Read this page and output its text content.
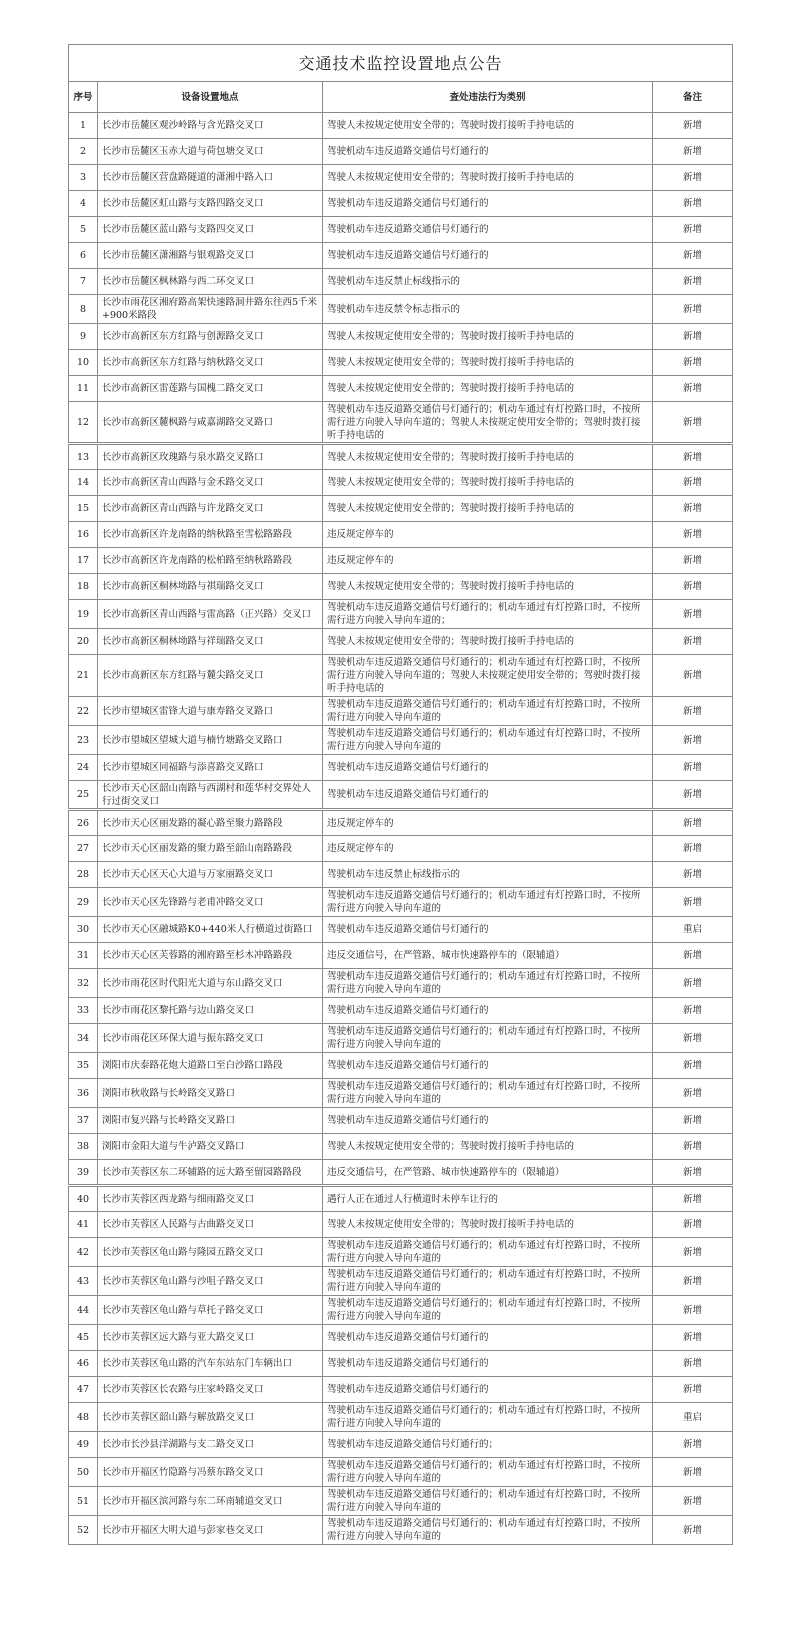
交通技术监控设置地点公告			
序号	设备设置地点	查处违法行为类别	备注
1	长沙市岳麓区观沙岭路与含光路交叉口	驾驶人未按规定使用安全带的；驾驶时拨打接听手持电话的	新增
2	长沙市岳麓区玉赤大道与荷包塘交叉口	驾驶机动车违反道路交通信号灯通行的	新增
3	长沙市岳麓区营盘路隧道的潇湘中路入口	驾驶人未按规定使用安全带的；驾驶时拨打接听手持电话的	新增
4	长沙市岳麓区虹山路与支路四路交叉口	驾驶机动车违反道路交通信号灯通行的	新增
5	长沙市岳麓区蓝山路与支路四交叉口	驾驶机动车违反道路交通信号灯通行的	新增
6	长沙市岳麓区潇湘路与银观路交叉口	驾驶机动车违反道路交通信号灯通行的	新增
7	长沙市岳麓区枫林路与西二环交叉口	驾驶机动车违反禁止标线指示的	新增
8	长沙市雨花区湘府路高架快速路洞井路东往西5千米+900米路段	驾驶机动车违反禁令标志指示的	新增
9	长沙市高新区东方红路与创源路交叉口	驾驶人未按规定使用安全带的；驾驶时拨打接听手持电话的	新增
10	长沙市高新区东方红路与纳秋路交叉口	驾驶人未按规定使用安全带的；驾驶时拨打接听手持电话的	新增
11	长沙市高新区雷莲路与国槐二路交叉口	驾驶人未按规定使用安全带的；驾驶时拨打接听手持电话的	新增
12	长沙市高新区麓枫路与咸嘉湖路交叉路口	驾驶机动车违反道路交通信号灯通行的；机动车通过有灯控路口时，不按所需行进方向驶入导向车道的；驾驶人未按规定使用安全带的；驾驶时拨打接听手持电话的	新增
13	长沙市高新区玫瑰路与泉水路交叉路口	驾驶人未按规定使用安全带的；驾驶时拨打接听手持电话的	新增
14	长沙市高新区青山西路与金禾路交叉口	驾驶人未按规定使用安全带的；驾驶时拨打接听手持电话的	新增
15	长沙市高新区青山西路与许龙路交叉口	驾驶人未按规定使用安全带的；驾驶时拨打接听手持电话的	新增
16	长沙市高新区许龙南路的纳秋路至雪松路路段	违反规定停车的	新增
17	长沙市高新区许龙南路的松柏路至纳秋路路段	违反规定停车的	新增
18	长沙市高新区桐林坳路与祺瑞路交叉口	驾驶人未按规定使用安全带的；驾驶时拨打接听手持电话的	新增
19	长沙市高新区青山西路与雷高路（正兴路）交叉口	驾驶机动车违反道路交通信号灯通行的；机动车通过有灯控路口时，不按所需行进方向驶入导向车道的；	新增
20	长沙市高新区桐林坳路与祥瑞路交叉口	驾驶人未按规定使用安全带的；驾驶时拨打接听手持电话的	新增
21	长沙市高新区东方红路与麓尖路交叉口	驾驶机动车违反道路交通信号灯通行的；机动车通过有灯控路口时，不按所需行进方向驶入导向车道的；驾驶人未按规定使用安全带的；驾驶时拨打接听手持电话的	新增
22	长沙市望城区雷锋大道与康寿路交叉路口	驾驶机动车违反道路交通信号灯通行的；机动车通过有灯控路口时，不按所需行进方向驶入导向车道的	新增
23	长沙市望城区望城大道与楠竹塘路交叉路口	驾驶机动车违反道路交通信号灯通行的；机动车通过有灯控路口时，不按所需行进方向驶入导向车道的	新增
24	长沙市望城区同福路与添喜路交叉路口	驾驶机动车违反道路交通信号灯通行的	新增
25	长沙市天心区韶山南路与西湖村和莲华村交界处人行过街交叉口	驾驶机动车违反道路交通信号灯通行的	新增
26	长沙市天心区丽发路的凝心路至聚力路路段	违反规定停车的	新增
27	长沙市天心区丽发路的聚力路至韶山南路路段	违反规定停车的	新增
28	长沙市天心区天心大道与万家丽路交叉口	驾驶机动车违反禁止标线指示的	新增
29	长沙市天心区先锋路与老甫冲路交叉口	驾驶机动车违反道路交通信号灯通行的；机动车通过有灯控路口时，不按所需行进方向驶入导向车道的	新增
30	长沙市天心区融城路K0+440米人行横道过街路口	驾驶机动车违反道路交通信号灯通行的	重启
31	长沙市天心区芙蓉路的湘府路至杉木冲路路段	违反交通信号，在严管路、城市快速路停车的（限辅道）	新增
32	长沙市雨花区时代阳光大道与东山路交叉口	驾驶机动车违反道路交通信号灯通行的；机动车通过有灯控路口时，不按所需行进方向驶入导向车道的	新增
33	长沙市雨花区黎托路与边山路交叉口	驾驶机动车违反道路交通信号灯通行的	新增
34	长沙市雨花区环保大道与振东路交叉口	驾驶机动车违反道路交通信号灯通行的；机动车通过有灯控路口时，不按所需行进方向驶入导向车道的	新增
35	浏阳市庆泰路花炮大道路口至白沙路口路段	驾驶机动车违反道路交通信号灯通行的	新增
36	浏阳市秋收路与长岭路交叉路口	驾驶机动车违反道路交通信号灯通行的；机动车通过有灯控路口时，不按所需行进方向驶入导向车道的	新增
37	浏阳市复兴路与长岭路交叉路口	驾驶机动车违反道路交通信号灯通行的	新增
38	浏阳市金阳大道与牛泸路交叉路口	驾驶人未按规定使用安全带的；驾驶时拨打接听手持电话的	新增
39	长沙市芙蓉区东二环辅路的远大路至留园路路段	违反交通信号，在严管路、城市快速路停车的（限辅道）	新增
40	长沙市芙蓉区西龙路与细雨路交叉口	遇行人正在通过人行横道时未停车让行的	新增
41	长沙市芙蓉区人民路与古曲路交叉口	驾驶人未按规定使用安全带的；驾驶时拨打接听手持电话的	新增
42	长沙市芙蓉区龟山路与隆园五路交叉口	驾驶机动车违反道路交通信号灯通行的；机动车通过有灯控路口时，不按所需行进方向驶入导向车道的	新增
43	长沙市芙蓉区龟山路与沙咀子路交叉口	驾驶机动车违反道路交通信号灯通行的；机动车通过有灯控路口时，不按所需行进方向驶入导向车道的	新增
44	长沙市芙蓉区龟山路与草托子路交叉口	驾驶机动车违反道路交通信号灯通行的；机动车通过有灯控路口时，不按所需行进方向驶入导向车道的	新增
45	长沙市芙蓉区远大路与亚大路交叉口	驾驶机动车违反道路交通信号灯通行的	新增
46	长沙市芙蓉区龟山路的汽车东站东门车辆出口	驾驶机动车违反道路交通信号灯通行的	新增
47	长沙市芙蓉区长农路与庄家岭路交叉口	驾驶机动车违反道路交通信号灯通行的	新增
48	长沙市芙蓉区韶山路与解放路交叉口	驾驶机动车违反道路交通信号灯通行的；机动车通过有灯控路口时，不按所需行进方向驶入导向车道的	重启
49	长沙市长沙县洋湖路与支二路交叉口	驾驶机动车违反道路交通信号灯通行的；	新增
50	长沙市开福区竹隐路与冯蔡东路交叉口	驾驶机动车违反道路交通信号灯通行的；机动车通过有灯控路口时，不按所需行进方向驶入导向车道的	新增
51	长沙市开福区滨河路与东二环南辅道交叉口	驾驶机动车违反道路交通信号灯通行的；机动车通过有灯控路口时，不按所需行进方向驶入导向车道的	新增
52	长沙市开福区大明大道与彭家巷交叉口	驾驶机动车违反道路交通信号灯通行的；机动车通过有灯控路口时，不按所需行进方向驶入导向车道的	新增
